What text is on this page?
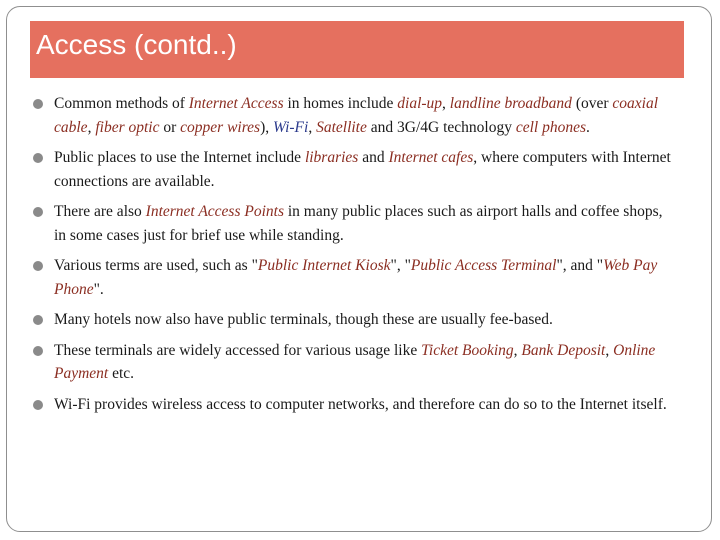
Access (contd..)
Common methods of Internet Access in homes include dial-up, landline broadband (over coaxial cable, fiber optic or copper wires), Wi-Fi, Satellite and 3G/4G technology cell phones.
Public places to use the Internet include libraries and Internet cafes, where computers with Internet connections are available.
There are also Internet Access Points in many public places such as airport halls and coffee shops, in some cases just for brief use while standing.
Various terms are used, such as "Public Internet Kiosk", "Public Access Terminal", and "Web Pay Phone".
Many hotels now also have public terminals, though these are usually fee-based.
These terminals are widely accessed for various usage like Ticket Booking, Bank Deposit, Online Payment etc.
Wi-Fi provides wireless access to computer networks, and therefore can do so to the Internet itself.
